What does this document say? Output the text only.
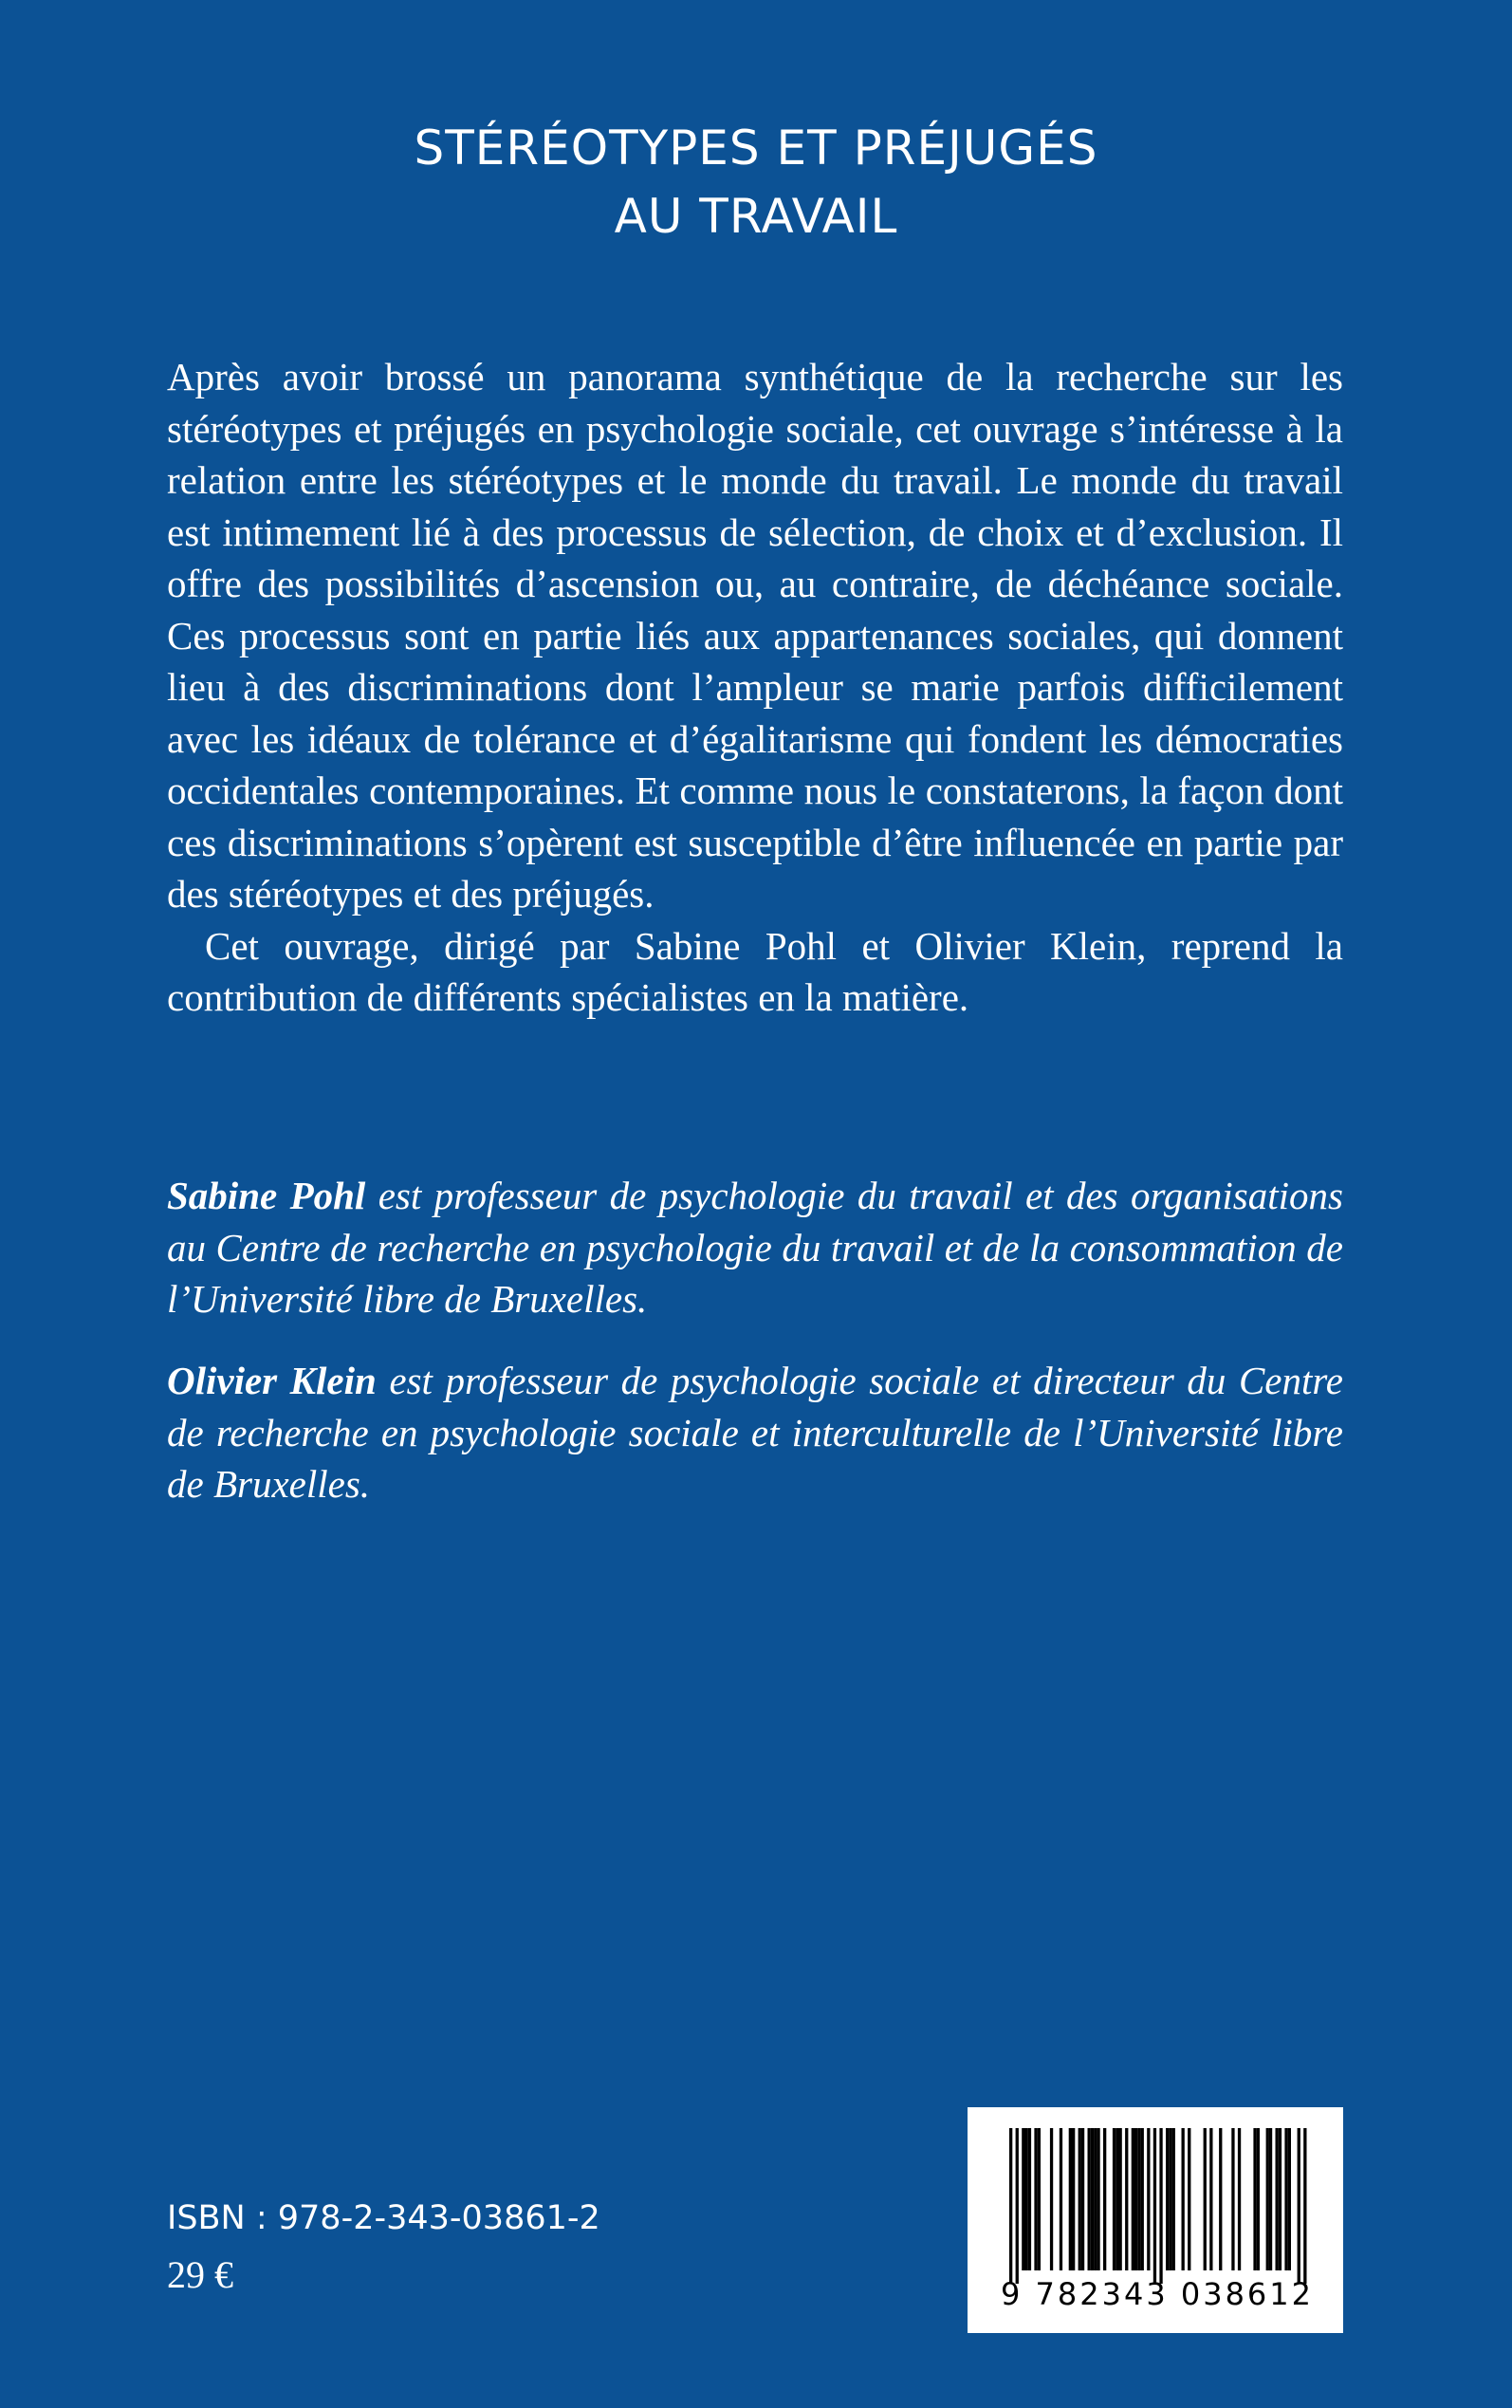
STÉRÉOTYPES ET PRÉJUGÉS
AU TRAVAIL

Après avoir brossé un panorama synthétique de la recherche sur les stéréotypes et préjugés en psychologie sociale, cet ouvrage s’intéresse à la relation entre les stéréotypes et le monde du travail. Le monde du travail est intimement lié à des processus de sélection, de choix et d’exclusion. Il offre des possibilités d’ascension ou, au contraire, de déchéance sociale. Ces processus sont en partie liés aux appartenances sociales, qui donnent lieu à des discriminations dont l’ampleur se marie parfois difficilement avec les idéaux de tolérance et d’égalitarisme qui fondent les démocraties occidentales contemporaines. Et comme nous le constaterons, la façon dont ces discriminations s’opèrent est susceptible d’être influencée en partie par des stéréotypes et des préjugés.

Cet ouvrage, dirigé par Sabine Pohl et Olivier Klein, reprend la contribution de différents spécialistes en la matière.

Sabine Pohl est professeur de psychologie du travail et des organisations au Centre de recherche en psychologie du travail et de la consommation de l’Université libre de Bruxelles.

Olivier Klein est professeur de psychologie sociale et directeur du Centre de recherche en psychologie sociale et interculturelle de l’Université libre de Bruxelles.

ISBN : 978-2-343-03861-2
29 €	9 782343 038612
